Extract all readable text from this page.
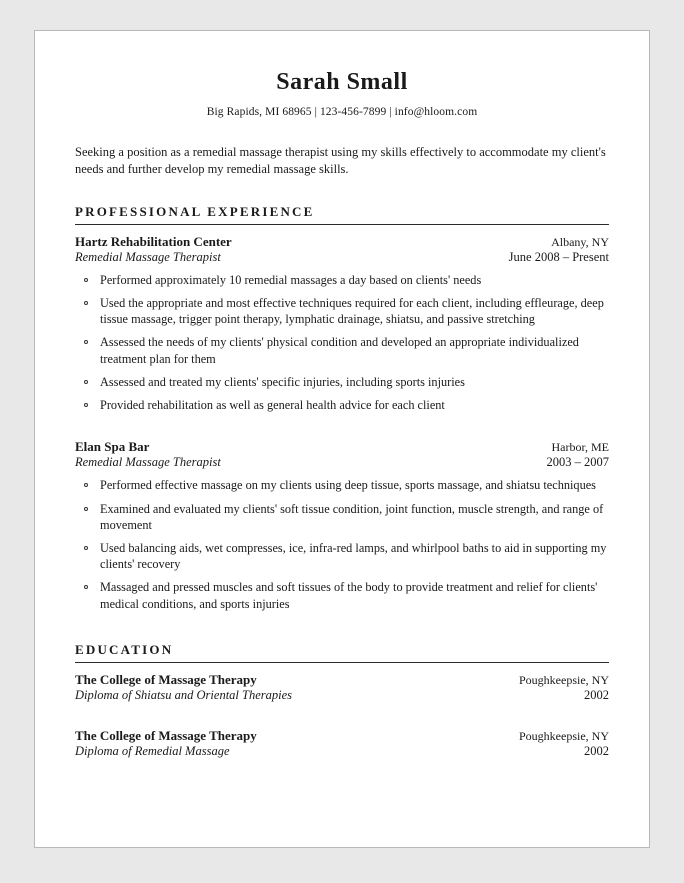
Sarah Small
Big Rapids, MI 68965 | 123-456-7899 | info@hloom.com

Seeking a position as a remedial massage therapist using my skills effectively to accommodate my client's needs and further develop my remedial massage skills.

PROFESSIONAL EXPERIENCE
Hartz Rehabilitation Center	Albany, NY
Remedial Massage Therapist	June 2008 – Present
Performed approximately 10 remedial massages a day based on clients' needs
Used the appropriate and most effective techniques required for each client, including effleurage, deep tissue massage, trigger point therapy, lymphatic drainage, shiatsu, and passive stretching
Assessed the needs of my clients' physical condition and developed an appropriate individualized treatment plan for them
Assessed and treated my clients' specific injuries, including sports injuries
Provided rehabilitation as well as general health advice for each client
Elan Spa Bar	Harbor, ME
Remedial Massage Therapist	2003 – 2007
Performed effective massage on my clients using deep tissue, sports massage, and shiatsu techniques
Examined and evaluated my clients' soft tissue condition, joint function, muscle strength, and range of movement
Used balancing aids, wet compresses, ice, infra-red lamps, and whirlpool baths to aid in supporting my clients' recovery
Massaged and pressed muscles and soft tissues of the body to provide treatment and relief for clients' medical conditions, and sports injuries
EDUCATION
The College of Massage Therapy	Poughkeepsie, NY
Diploma of Shiatsu and Oriental Therapies	2002
The College of Massage Therapy	Poughkeepsie, NY
Diploma of Remedial Massage	2002
